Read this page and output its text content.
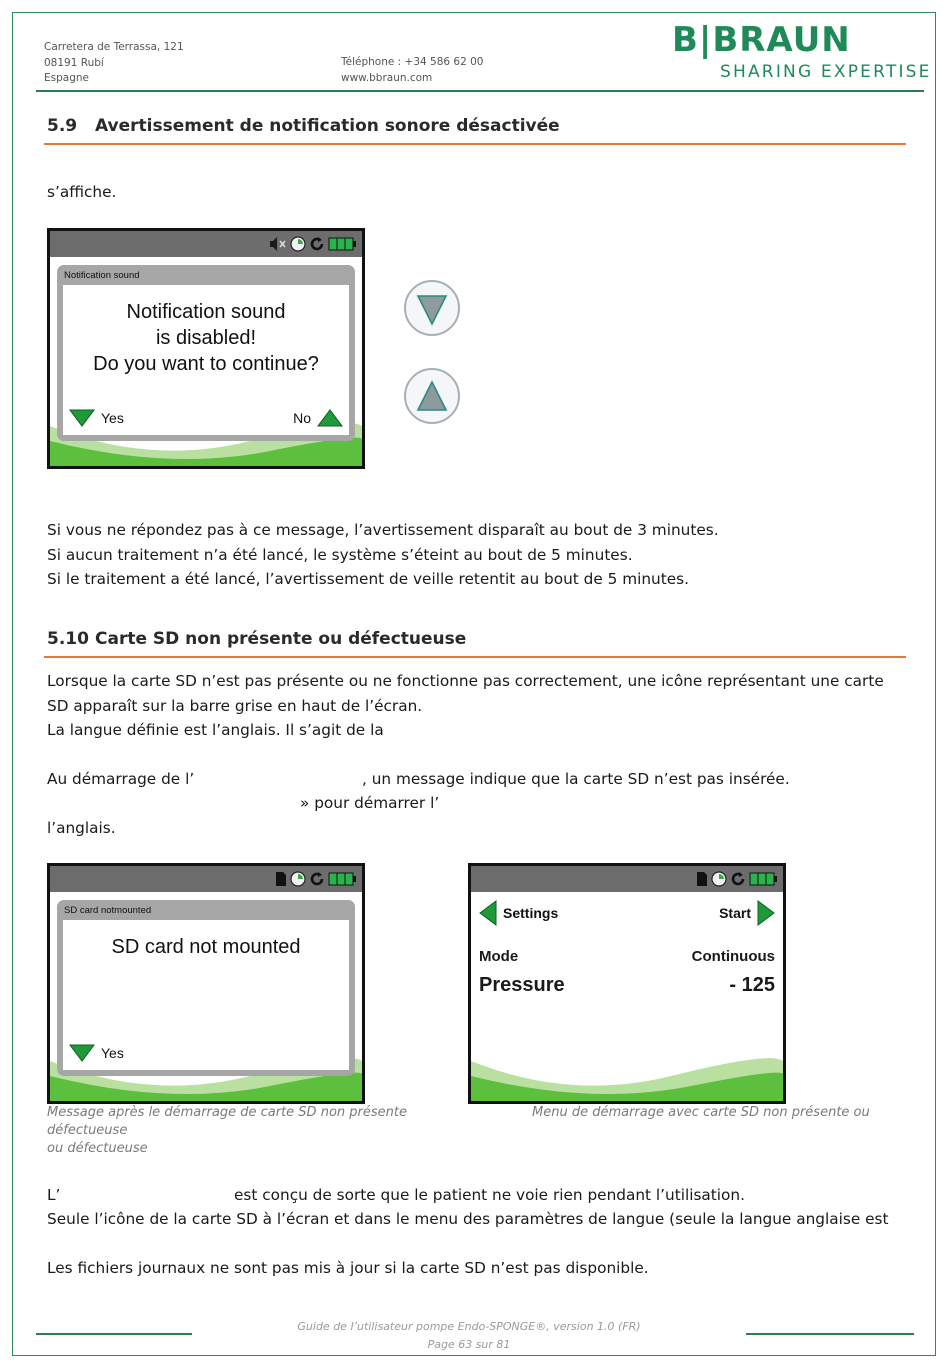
Carretera de Terrassa, 121
08191 Rubí
Espagne
Téléphone : +34 586 62 00
www.bbraun.com
B|BRAUN
SHARING EXPERTISE
5.9 Avertissement de notification sonore désactivée
s’affiche.
Notification sound
Notification sound
is disabled!
Do you want to continue?
Yes	No
Si vous ne répondez pas à ce message, l’avertissement disparaît au bout de 3 minutes.
Si aucun traitement n’a été lancé, le système s’éteint au bout de 5 minutes.
Si le traitement a été lancé, l’avertissement de veille retentit au bout de 5 minutes.
5.10 Carte SD non présente ou défectueuse
Lorsque la carte SD n’est pas présente ou ne fonctionne pas correctement, une icône représentant une carte
SD apparaît sur la barre grise en haut de l’écran.
La langue définie est l’anglais. Il s’agit de la
Au démarrage de l’	, un message indique que la carte SD n’est pas insérée.
» pour démarrer l’
l’anglais.
SD card notmounted
SD card not mounted
Yes
Settings	Start
Mode	Continuous
Pressure	- 125
Message après le démarrage de carte SD non présente
défectueuse
ou défectueuse
Menu de démarrage avec carte SD non présente ou
L’	est conçu de sorte que le patient ne voie rien pendant l’utilisation.
Seule l’icône de la carte SD à l’écran et dans le menu des paramètres de langue (seule la langue anglaise est
Les fichiers journaux ne sont pas mis à jour si la carte SD n’est pas disponible.
Guide de l’utilisateur pompe Endo-SPONGE®, version 1.0 (FR)
Page 63 sur 81
